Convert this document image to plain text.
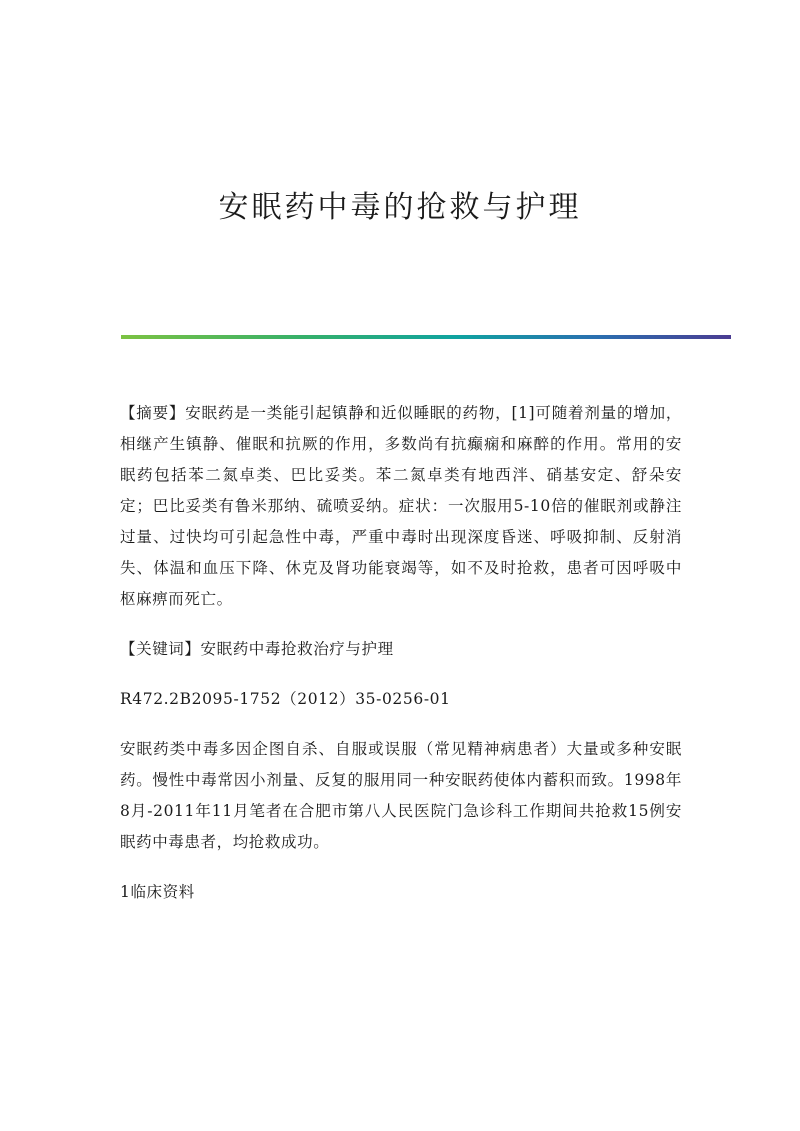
安眠药中毒的抢救与护理

【摘要】安眠药是一类能引起镇静和近似睡眠的药物，[1]可随着剂量的增加，相继产生镇静、催眠和抗厥的作用，多数尚有抗癫痫和麻醉的作用。常用的安眠药包括苯二氮卓类、巴比妥类。苯二氮卓类有地西泮、硝基安定、舒朵安定；巴比妥类有鲁米那纳、硫喷妥纳。症状：一次服用5-10倍的催眠剂或静注过量、过快均可引起急性中毒，严重中毒时出现深度昏迷、呼吸抑制、反射消失、体温和血压下降、休克及肾功能衰竭等，如不及时抢救，患者可因呼吸中枢麻痹而死亡。

【关键词】安眠药中毒抢救治疗与护理

R472.2B2095-1752（2012）35-0256-01

安眠药类中毒多因企图自杀、自服或误服（常见精神病患者）大量或多种安眠药。慢性中毒常因小剂量、反复的服用同一种安眠药使体内蓄积而致。1998年8月-2011年11月笔者在合肥市第八人民医院门急诊科工作期间共抢救15例安眠药中毒患者，均抢救成功。

1临床资料
